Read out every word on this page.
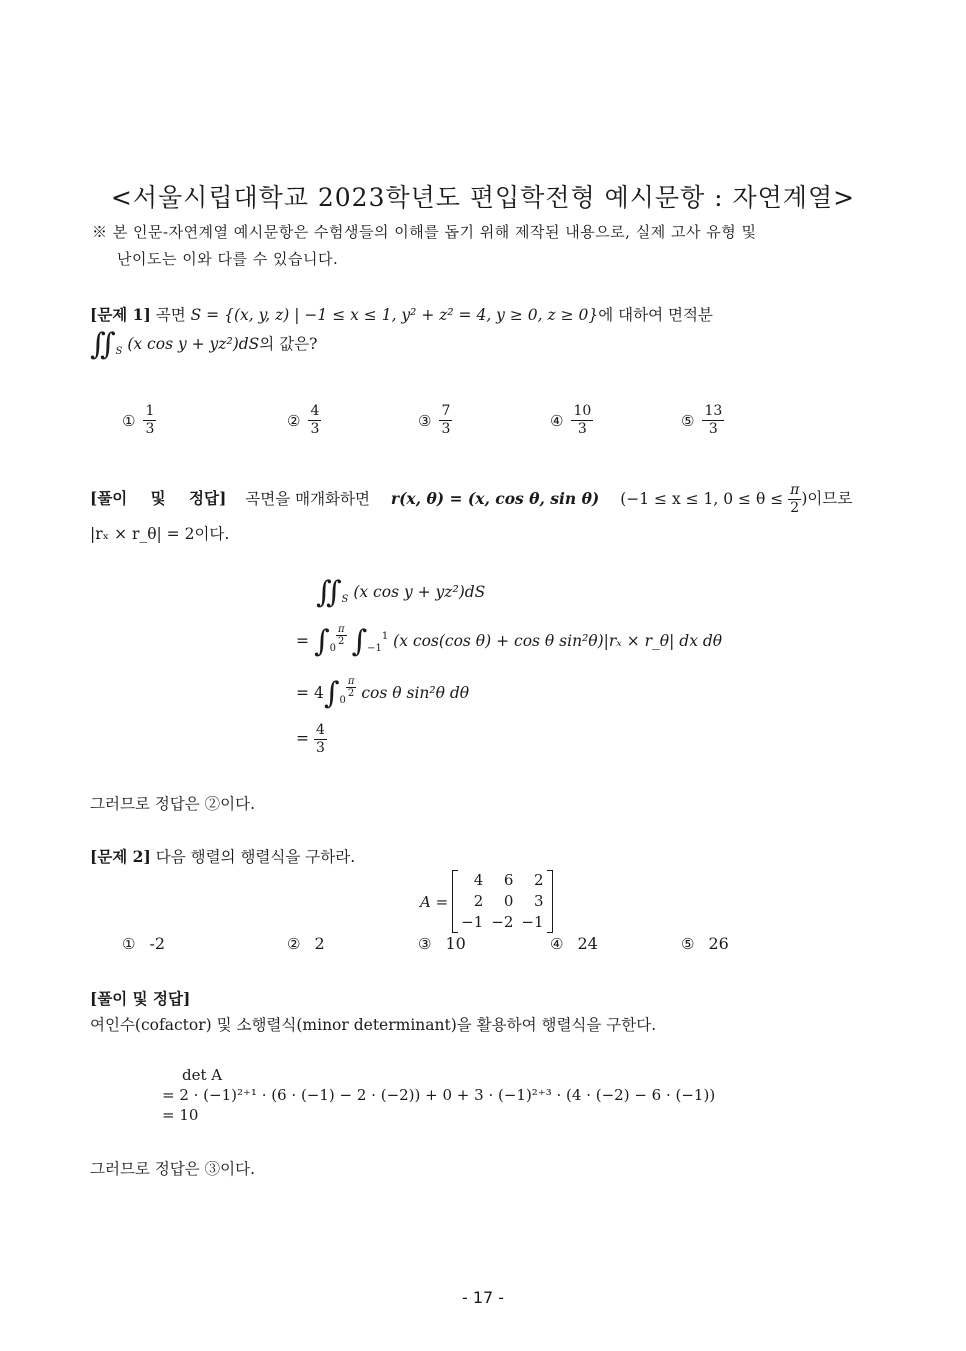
<서울시립대학교 2023학년도 편입학전형 예시문항 : 자연계열>
※ 본 인문-자연계열 예시문항은 수험생들의 이해를 돕기 위해 제작된 내용으로, 실제 고사 유형 및
난이도는 이와 다를 수 있습니다.
[문제 1] 곡면 S = {(x, y, z) | −1 ≤ x ≤ 1, y² + z² = 4, y ≥ 0, z ≥ 0}에 대하여 면적분
$∬_S$ (x cos y + yz²)dS의 값은?
① $\frac{1}{3}$	② $\frac{4}{3}$	③ $\frac{7}{3}$	④ $\frac{10}{3}$	⑤ $\frac{13}{3}$
[풀이 및 정답] 곡면을 매개화하면 r(x, θ) = (x, cos θ, sin θ) (−1 ≤ x ≤ 1, $0 \le \theta \le \frac{\pi}{2}$ )이므로
|rₓ × r_θ| = 2이다.
$∬_S$ (x cos y + yz²)dS
= $\int_0$
$\frac{\pi}{2} \int_{-1}^1$ (x cos(cos θ) + cos θ sin²θ)|rₓ × r_θ| dx dθ
= $4\int_0$
$\frac{\pi}{2}$ cos θ sin²θ dθ
= $\frac{4}{3}$
그러므로 정답은 ②이다.
[문제 2] 다음 행렬의 행렬식을 구하라.
A =
4	6	2
2	0	3
−1	−2	−1
① -2	② 2	③ 10	④ 24	⑤ 26
[풀이 및 정답]
여인수(cofactor) 및 소행렬식(minor determinant)을 활용하여 행렬식을 구한다.
det A
= 2 · (−1)²⁺¹ · (6 · (−1) − 2 · (−2)) + 0 + 3 · (−1)²⁺³ · (4 · (−2) − 6 · (−1))
= 10
그러므로 정답은 ③이다.
- 17 -
